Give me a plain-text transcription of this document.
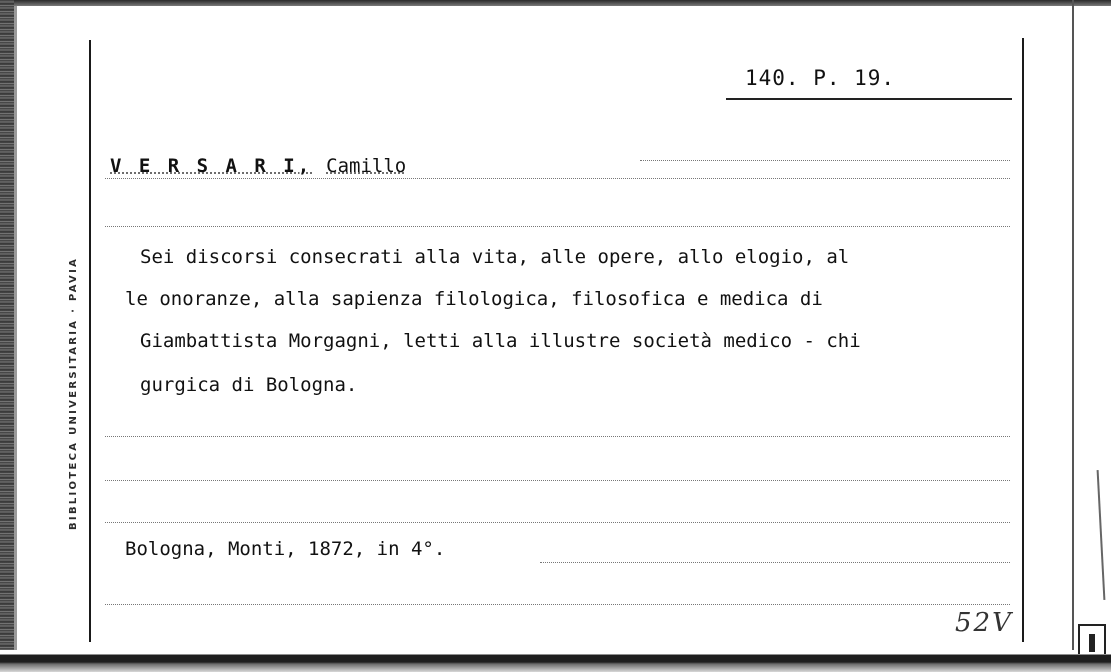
BIBLIOTECA UNIVERSITARIA · PAVIA
140. P. 19.
V E R S A R I, Camillo
Sei discorsi consecrati alla vita, alle opere, allo elogio, al
le onoranze, alla sapienza filologica, filosofica e medica di
Giambattista Morgagni, letti alla illustre società medico - chi
gurgica di Bologna.
Bologna, Monti, 1872, in 4°.
52V
